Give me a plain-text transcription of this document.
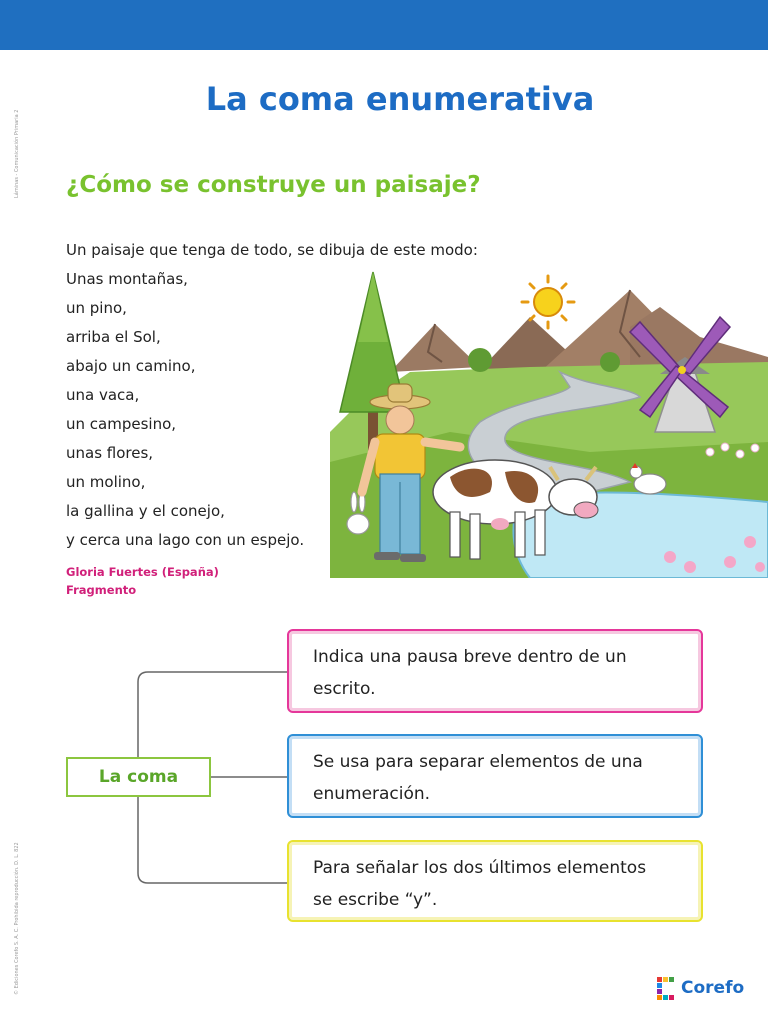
Láminas - Comunicación Primaria 2
© Ediciones Corefo S. A. C. Prohibida reproducción. D. L. 822
La coma enumerativa
¿Cómo se construye un paisaje?
Un paisaje que tenga de todo, se dibuja de este modo:
Unas montañas,
un pino,
arriba el Sol,
abajo un camino,
una vaca,
un campesino,
unas flores,
un molino,
la gallina y el conejo,
y cerca una lago con un espejo.
Gloria Fuertes (España)
Fragmento
La coma
Indica una pausa breve dentro de un
escrito.
Se usa para separar elementos de una
enumeración.
Para señalar los dos últimos elementos
se escribe “y”.
Corefo
